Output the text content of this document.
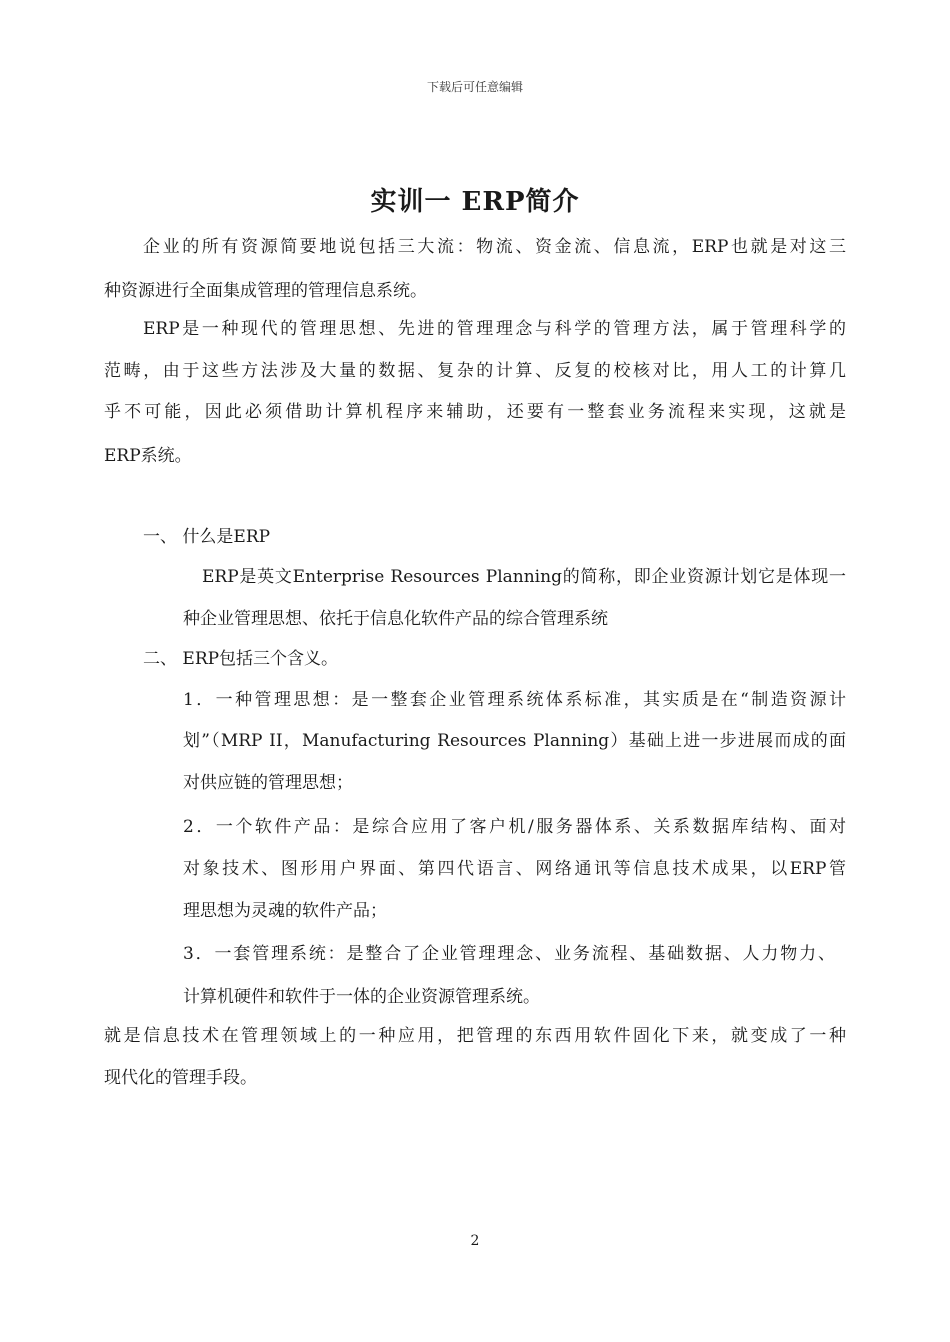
下载后可任意编辑
实训一 ERP简介
企业的所有资源简要地说包括三大流：物流、资金流、信息流，ERP也就是对这三
种资源进行全面集成管理的管理信息系统。
ERP是一种现代的管理思想、先进的管理理念与科学的管理方法，属于管理科学的
范畴，由于这些方法涉及大量的数据、复杂的计算、反复的校核对比，用人工的计算几
乎不可能，因此必须借助计算机程序来辅助，还要有一整套业务流程来实现，这就是
ERP系统。
一、 什么是ERP
ERP是英文Enterprise Resources Planning的简称，即企业资源计划它是体现一
种企业管理思想、依托于信息化软件产品的综合管理系统
二、 ERP包括三个含义。
1．一种管理思想：是一整套企业管理系统体系标准，其实质是在“制造资源计
划”（MRP II，Manufacturing Resources Planning）基础上进一步进展而成的面
对供应链的管理思想；
2．一个软件产品：是综合应用了客户机/服务器体系、关系数据库结构、面对
对象技术、图形用户界面、第四代语言、网络通讯等信息技术成果，以ERP管
理思想为灵魂的软件产品；
3．一套管理系统：是整合了企业管理理念、业务流程、基础数据、人力物力、
计算机硬件和软件于一体的企业资源管理系统。
就是信息技术在管理领域上的一种应用，把管理的东西用软件固化下来，就变成了一种
现代化的管理手段。
2
